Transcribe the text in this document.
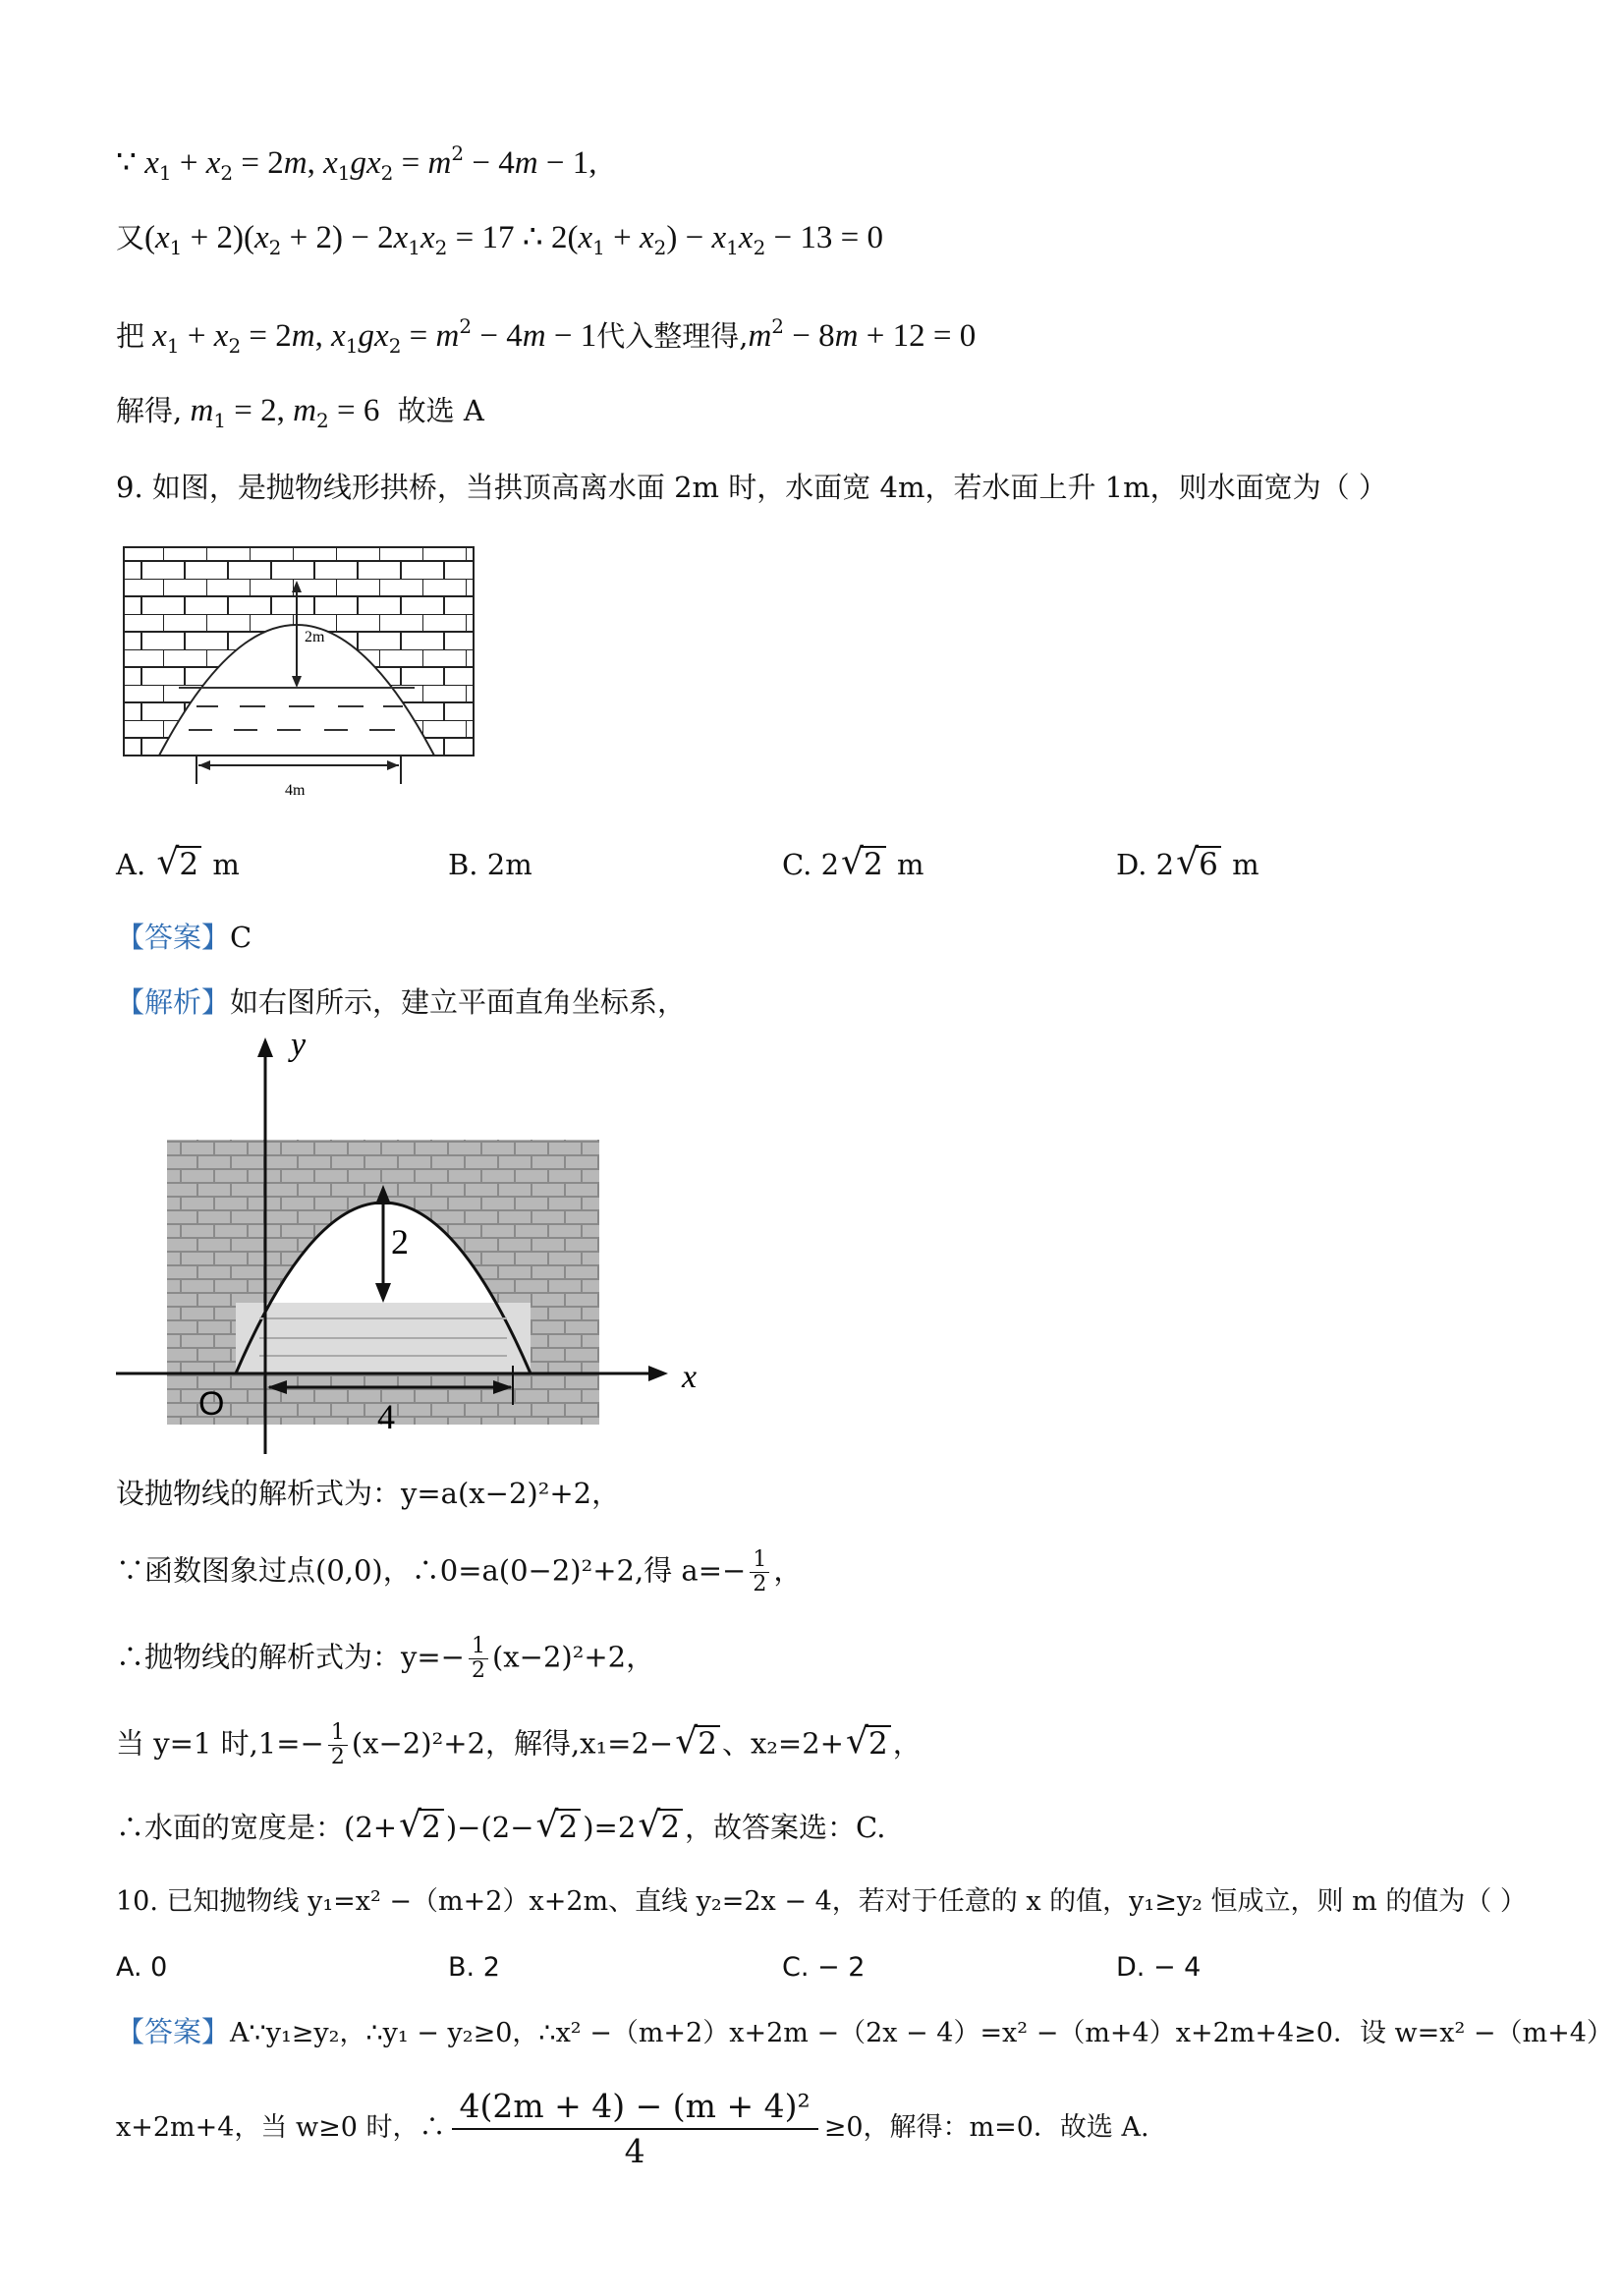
∵ $x_1 + x_2 = 2m$, $x_1gx_2 = m^2 - 4m - 1$,
又$(x_1 + 2)(x_2 + 2) - 2x_1x_2 = 17$ ∴ $2(x_1 + x_2) - x_1x_2 - 13 = 0$
把 $x_1 + x_2 = 2m$, $x_1gx_2 = m^2 - 4m - 1$代入整理得$,m^2 - 8m + 12 = 0$
解得, $m_1 = 2$, $m_2 = 6$ 故选 A
9. 如图，是抛物线形拱桥，当拱顶高离水面 2m 时，水面宽 4m，若水面上升 1m，则水面宽为（ ）
2m
4m
A. √ 2 m	B. 2m	C. 2 √ 2 m	D. 2 √ 6 m
【答案】C
【解析】如右图所示，建立平面直角坐标系，
y
x
O
2
4
设抛物线的解析式为：y=a(x−2)²+2，
∵函数图象过点(0,0)，∴0=a(0−2)²+2,得 $a=- \frac{1}{2}$ ，
∴抛物线的解析式为：$y=- \frac{1}{2} (x-2)^2+2$，
当 y=1 时$,1=- \frac{1}{2} (x-2)^2+2$，解得,x₁=2− √ 2 、x₂=2+ √ 2 ，
∴水面的宽度是：(2+ √ 2 )−(2− √ 2 )=2 √ 2 ，故答案选：C.
10. 已知抛物线 y₁=x² −（m+2）x+2m、直线 y₂=2x − 4，若对于任意的 x 的值，y₁≥y₂ 恒成立，则 m 的值为（ ）
A. 0	B. 2	C. − 2	D. − 4
【答案】A∵y₁≥y₂，∴y₁ − y₂≥0，∴x² −（m+2）x+2m −（2x − 4）=x² −（m+4）x+2m+4≥0．设 w=x² −（m+4）
x+2m+4，当 w≥0 时，∴ $\frac{\text{4(2m + 4) − (m + 4)²}}{4} \ge 0$，解得：m=0．故选 A.
